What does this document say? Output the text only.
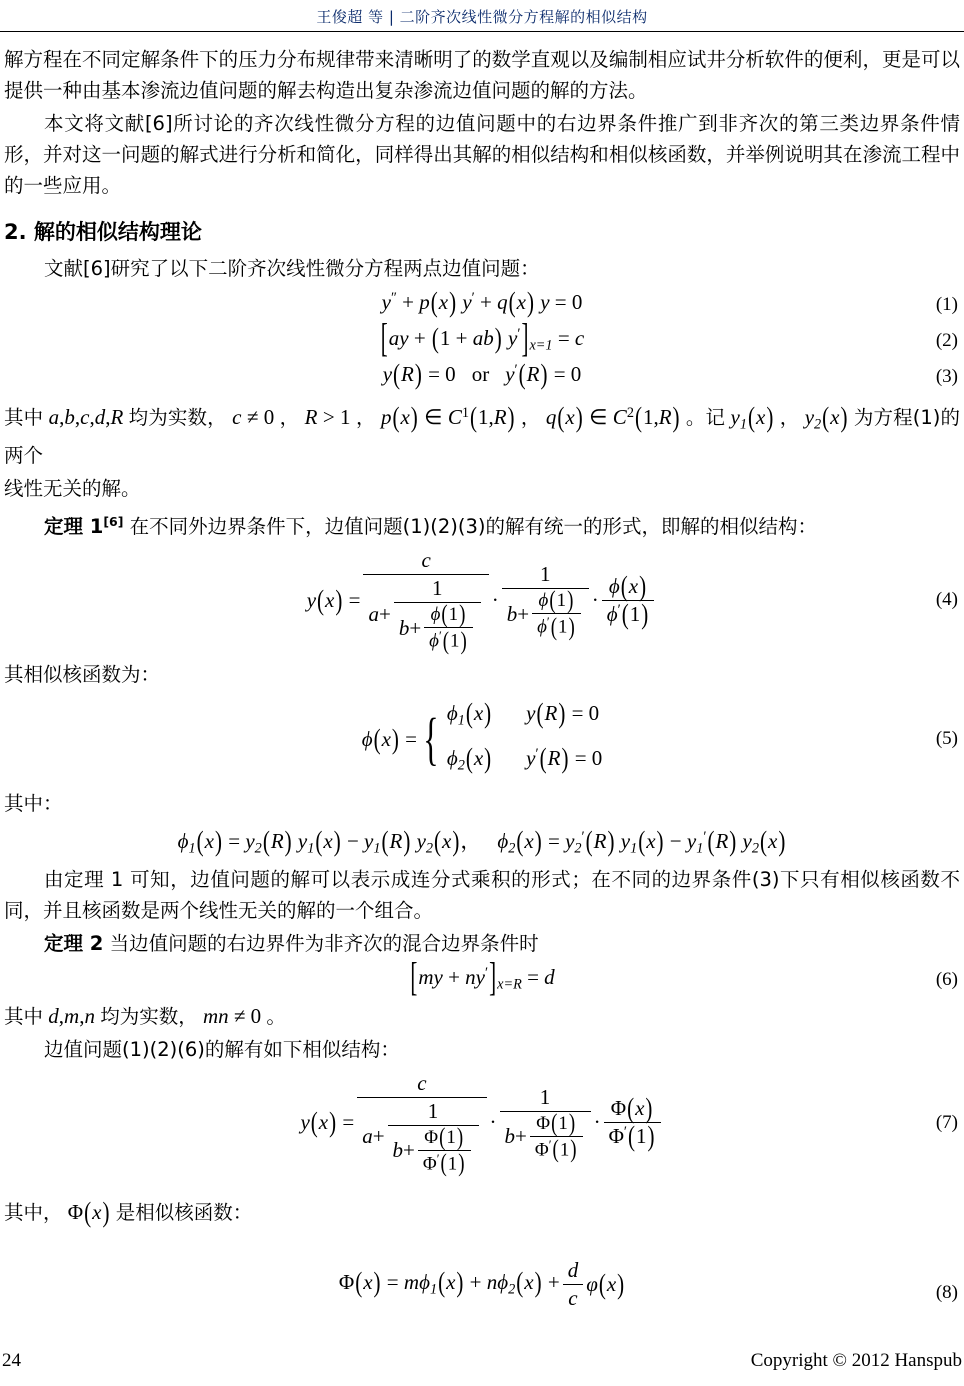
王俊超 等 | 二阶齐次线性微分方程解的相似结构

解方程在不同定解条件下的压力分布规律带来清晰明了的数学直观以及编制相应试井分析软件的便利，更是可以提供一种由基本渗流边值问题的解去构造出复杂渗流边值问题的解的方法。

本文将文献[6]所讨论的齐次线性微分方程的边值问题中的右边界条件推广到非齐次的第三类边界条件情形，并对这一问题的解式进行分析和简化，同样得出其解的相似结构和相似核函数，并举例说明其在渗流工程中的一些应用。

2. 解的相似结构理论

文献[6]研究了以下二阶齐次线性微分方程两点边值问题：

y″ + p(x) y′ + q(x) y = 0	(1)
[ay + (1 + ab) $y']_{x=1} = c$	(2)
y(R) = 0 or y′(R) = 0	(3)

其中 a,b,c,d,R 均为实数， c ≠ 0 ， R > 1 ， p(x) ∈ $C^1(1,R)$ ， q(x) ∈ $C^2(1,R)$ 。记 $y_1(x)$ ， $y_2(x)$ 为方程(1)的两个

线性无关的解。

定理 1[6] 在不同外边界条件下，边值问题(1)(2)(3)的解有统一的形式，即解的相似结构：

y(x) =
c
a +
1
$b + \frac{\phi(1)}{\phi'(1)}$
·
1
$b + \frac{\phi(1)}{\phi'(1)} \cdot \frac{\phi(x)}{\phi'(1)}$	(4)

其相似核函数为：

ϕ(x) = { $\phi_1(x) y(R) = 0$
$\phi_2(x) y'(R) = 0$
(5)

其中：

$\phi_1(x) = y_2(R) y_1(x) - y_1(R)$ $y_2(x)$， $\phi_2(x) = y_2'(R) y_1(x) - y_1'(R)$ $y_2(x)$

由定理 1 可知，边值问题的解可以表示成连分式乘积的形式；在不同的边界条件(3)下只有相似核函数不同，并且核函数是两个线性无关的解的一个组合。

定理 2 当边值问题的右边界件为非齐次的混合边界条件时

$[my + ny']_{x=R} = d$	(6)

其中 d,m,n 均为实数， mn ≠ 0 。

边值问题(1)(2)(6)的解有如下相似结构：

y(x) =
c
a +
1
$b + \frac{\Phi(1)}{\Phi'(1)}$
·
1
$b + \frac{\Phi(1)}{\Phi'(1)} \cdot \frac{\Phi(x)}{\Phi'(1)}$	(7)

其中， Φ(x) 是相似核函数：

$\Phi(x) = m\phi_1(x) + n\phi_2(x) + \frac{d}{c} \varphi(x)$	(8)
24	Copyright © 2012 Hanspub
